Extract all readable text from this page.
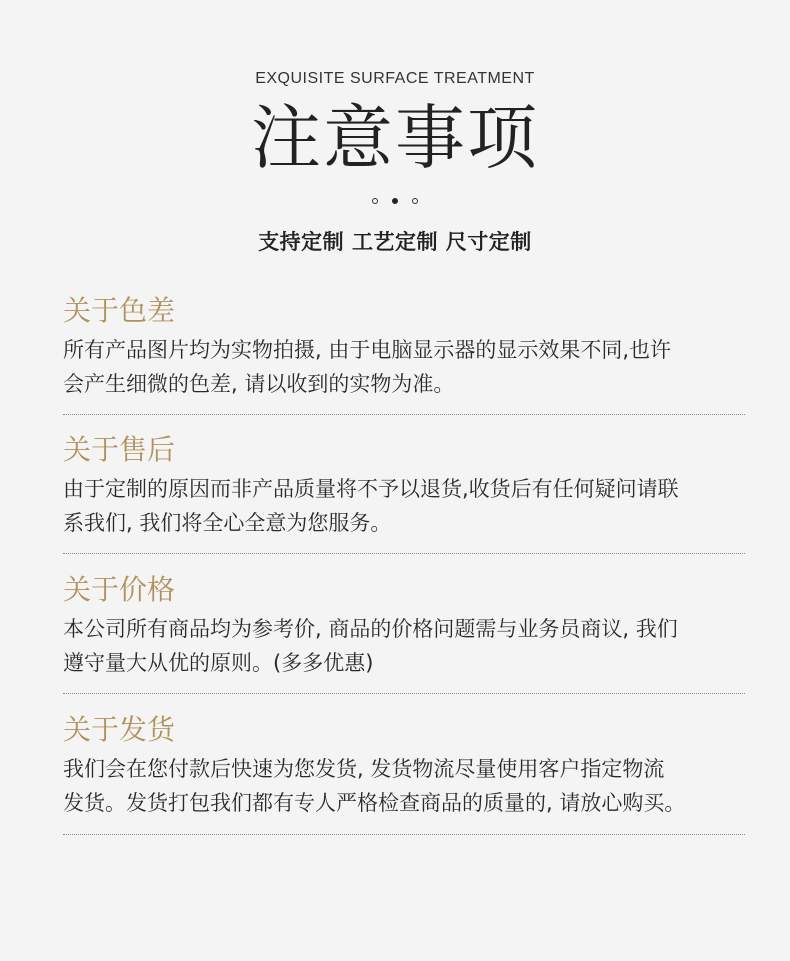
EXQUISITE SURFACE TREATMENT
注意事项
支持定制 工艺定制 尺寸定制
关于色差
所有产品图片均为实物拍摄, 由于电脑显示器的显示效果不同,也许
会产生细微的色差, 请以收到的实物为准。
关于售后
由于定制的原因而非产品质量将不予以退货,收货后有任何疑问请联
系我们, 我们将全心全意为您服务。
关于价格
本公司所有商品均为参考价, 商品的价格问题需与业务员商议, 我们
遵守量大从优的原则。(多多优惠)
关于发货
我们会在您付款后快速为您发货, 发货物流尽量使用客户指定物流
发货。发货打包我们都有专人严格检查商品的质量的, 请放心购买。
